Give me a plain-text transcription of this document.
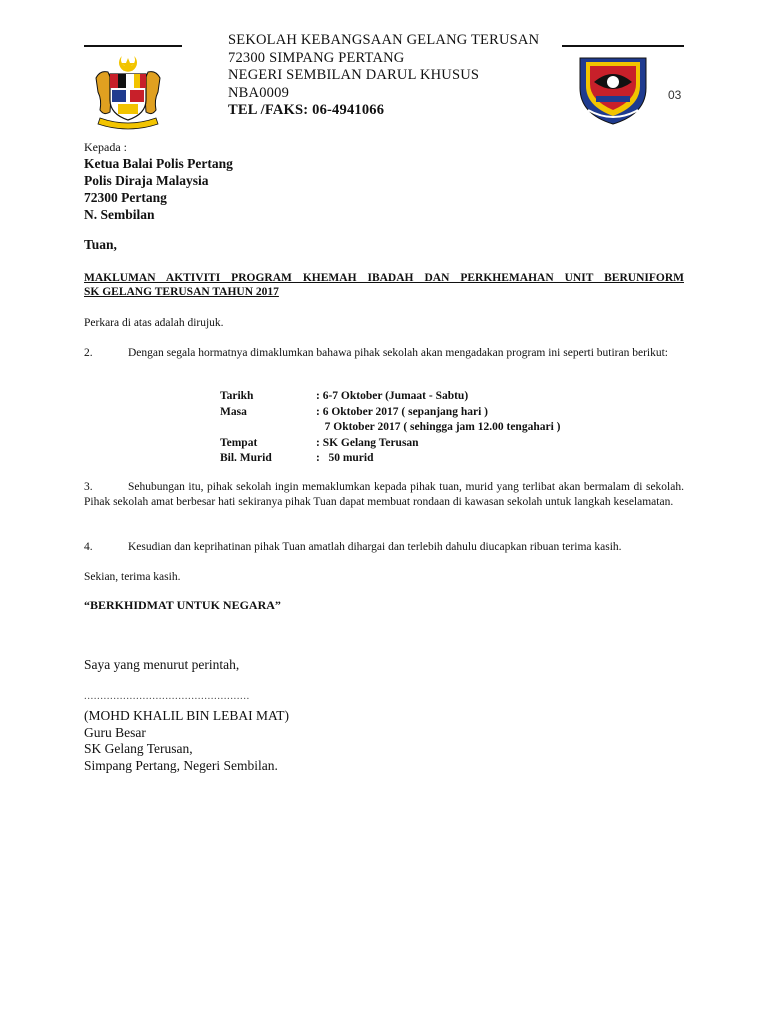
SEKOLAH KEBANGSAAN GELANG TERUSAN
72300 SIMPANG PERTANG
NEGERI SEMBILAN DARUL KHUSUS
NBA0009
TEL /FAKS: 06-4941066
03
Kepada :
Ketua Balai Polis Pertang
Polis Diraja Malaysia
72300 Pertang
N. Sembilan
Tuan,
MAKLUMAN AKTIVITI PROGRAM KHEMAH IBADAH DAN PERKHEMAHAN UNIT BERUNIFORM
SK GELANG TERUSAN TAHUN 2017
Perkara di atas adalah dirujuk.
2.	Dengan segala hormatnya dimaklumkan bahawa pihak sekolah akan mengadakan program ini seperti butiran berikut:
Tarikh	: 6-7 Oktober (Jumaat - Sabtu)
Masa	: 6 Oktober 2017 ( sepanjang hari )
	7 Oktober 2017 ( sehingga jam 12.00 tengahari )
Tempat	: SK Gelang Terusan
Bil. Murid	:   50 murid
3.	Sehubungan itu, pihak sekolah ingin memaklumkan kepada pihak tuan, murid yang terlibat akan bermalam di sekolah. Pihak sekolah amat berbesar hati sekiranya pihak Tuan dapat membuat rondaan di kawasan sekolah untuk langkah keselamatan.
4.	Kesudian dan keprihatinan pihak Tuan amatlah dihargai dan terlebih dahulu diucapkan ribuan terima kasih.
Sekian, terima kasih.
“BERKHIDMAT UNTUK NEGARA”
Saya yang menurut perintah,
...................................................
(MOHD KHALIL BIN LEBAI MAT)
Guru Besar
SK Gelang Terusan,
Simpang Pertang, Negeri Sembilan.
